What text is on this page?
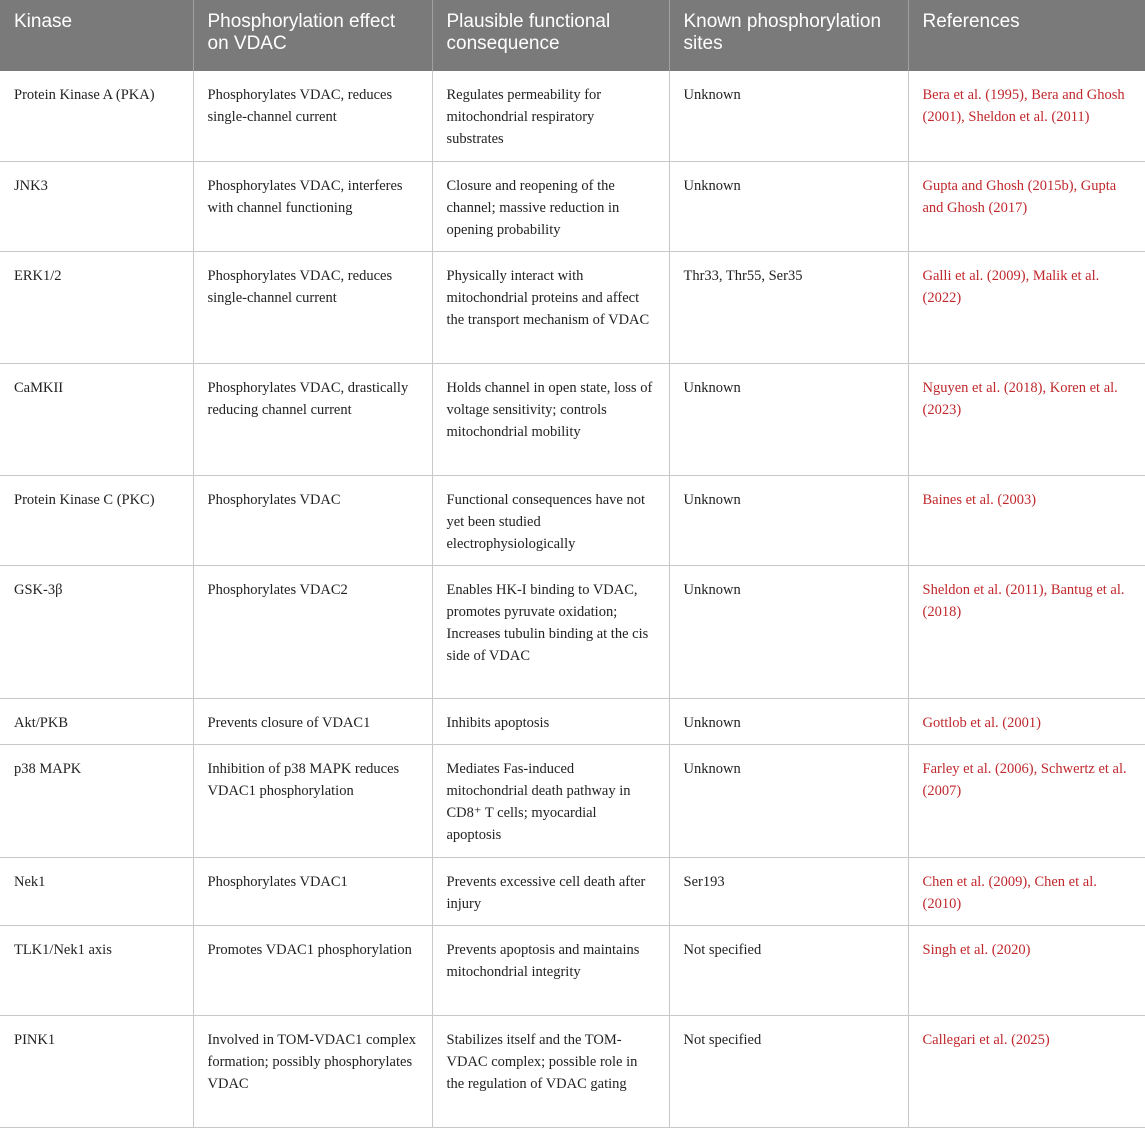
Kinase	Phosphorylation effect on VDAC	Plausible functional consequence	Known phosphorylation sites	References
Protein Kinase A (PKA)	Phosphorylates VDAC, reduces single-channel current	Regulates permeability for mitochondrial respiratory substrates	Unknown	Bera et al. (1995), Bera and Ghosh (2001), Sheldon et al. (2011)
JNK3	Phosphorylates VDAC, interferes with channel functioning	Closure and reopening of the channel; massive reduction in opening probability	Unknown	Gupta and Ghosh (2015b), Gupta and Ghosh (2017)
ERK1/2	Phosphorylates VDAC, reduces single-channel current	Physically interact with mitochondrial proteins and affect the transport mechanism of VDAC	Thr33, Thr55, Ser35	Galli et al. (2009), Malik et al. (2022)
CaMKII	Phosphorylates VDAC, drastically reducing channel current	Holds channel in open state, loss of voltage sensitivity; controls mitochondrial mobility	Unknown	Nguyen et al. (2018), Koren et al. (2023)
Protein Kinase C (PKC)	Phosphorylates VDAC	Functional consequences have not yet been studied electrophysiologically	Unknown	Baines et al. (2003)
GSK-3β	Phosphorylates VDAC2	Enables HK-I binding to VDAC, promotes pyruvate oxidation; Increases tubulin binding at the cis side of VDAC	Unknown	Sheldon et al. (2011), Bantug et al. (2018)
Akt/PKB	Prevents closure of VDAC1	Inhibits apoptosis	Unknown	Gottlob et al. (2001)
p38 MAPK	Inhibition of p38 MAPK reduces VDAC1 phosphorylation	Mediates Fas-induced mitochondrial death pathway in CD8⁺ T cells; myocardial apoptosis	Unknown	Farley et al. (2006), Schwertz et al. (2007)
Nek1	Phosphorylates VDAC1	Prevents excessive cell death after injury	Ser193	Chen et al. (2009), Chen et al. (2010)
TLK1/Nek1 axis	Promotes VDAC1 phosphorylation	Prevents apoptosis and maintains mitochondrial integrity	Not specified	Singh et al. (2020)
PINK1	Involved in TOM-VDAC1 complex formation; possibly phosphorylates VDAC	Stabilizes itself and the TOM-VDAC complex; possible role in the regulation of VDAC gating	Not specified	Callegari et al. (2025)
